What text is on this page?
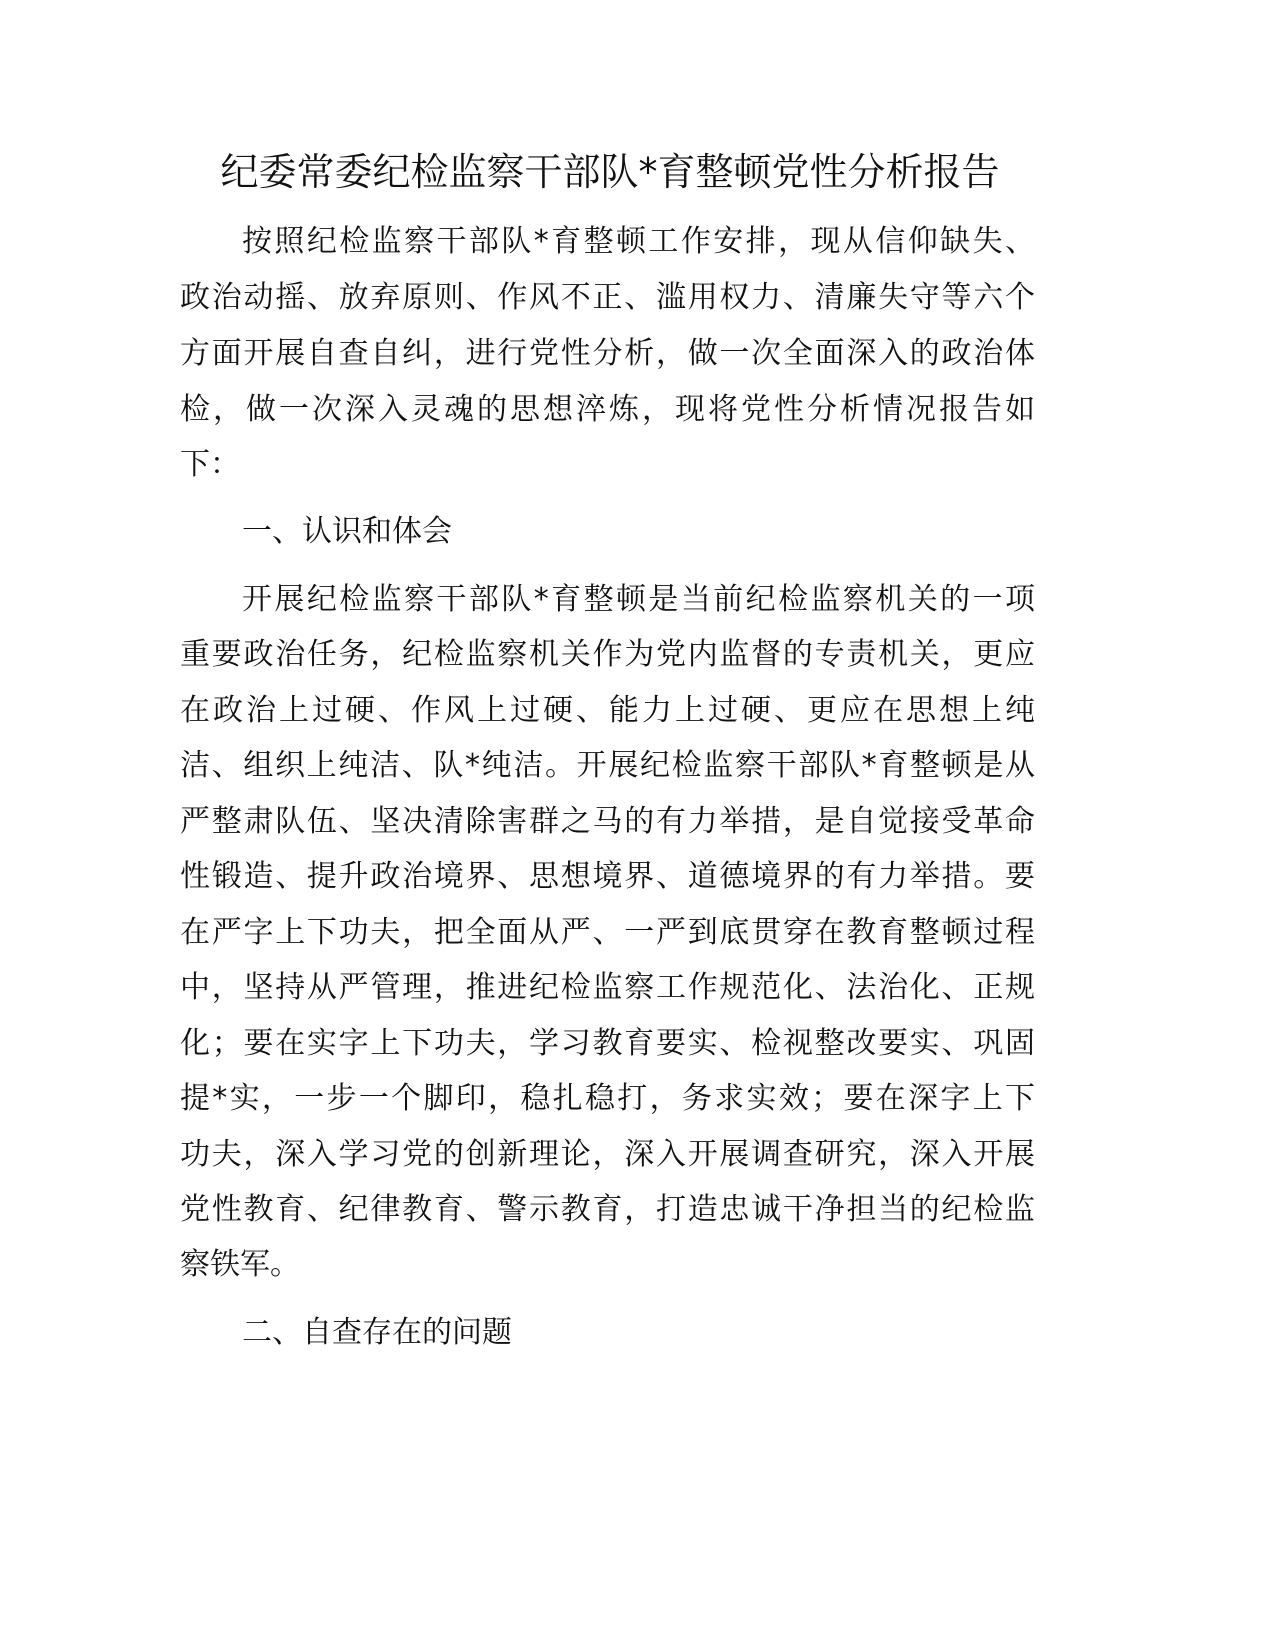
纪委常委纪检监察干部队*育整顿党性分析报告
按照纪检监察干部队*育整顿工作安排，现从信仰缺失、
政治动摇、放弃原则、作风不正、滥用权力、清廉失守等六个
方面开展自查自纠，进行党性分析，做一次全面深入的政治体
检，做一次深入灵魂的思想淬炼，现将党性分析情况报告如
下：
一、认识和体会
开展纪检监察干部队*育整顿是当前纪检监察机关的一项
重要政治任务，纪检监察机关作为党内监督的专责机关，更应
在政治上过硬、作风上过硬、能力上过硬、更应在思想上纯
洁、组织上纯洁、队*纯洁。开展纪检监察干部队*育整顿是从
严整肃队伍、坚决清除害群之马的有力举措，是自觉接受革命
性锻造、提升政治境界、思想境界、道德境界的有力举措。要
在严字上下功夫，把全面从严、一严到底贯穿在教育整顿过程
中，坚持从严管理，推进纪检监察工作规范化、法治化、正规
化；要在实字上下功夫，学习教育要实、检视整改要实、巩固
提*实，一步一个脚印，稳扎稳打，务求实效；要在深字上下
功夫，深入学习党的创新理论，深入开展调查研究，深入开展
党性教育、纪律教育、警示教育，打造忠诚干净担当的纪检监
察铁军。
二、自查存在的问题
